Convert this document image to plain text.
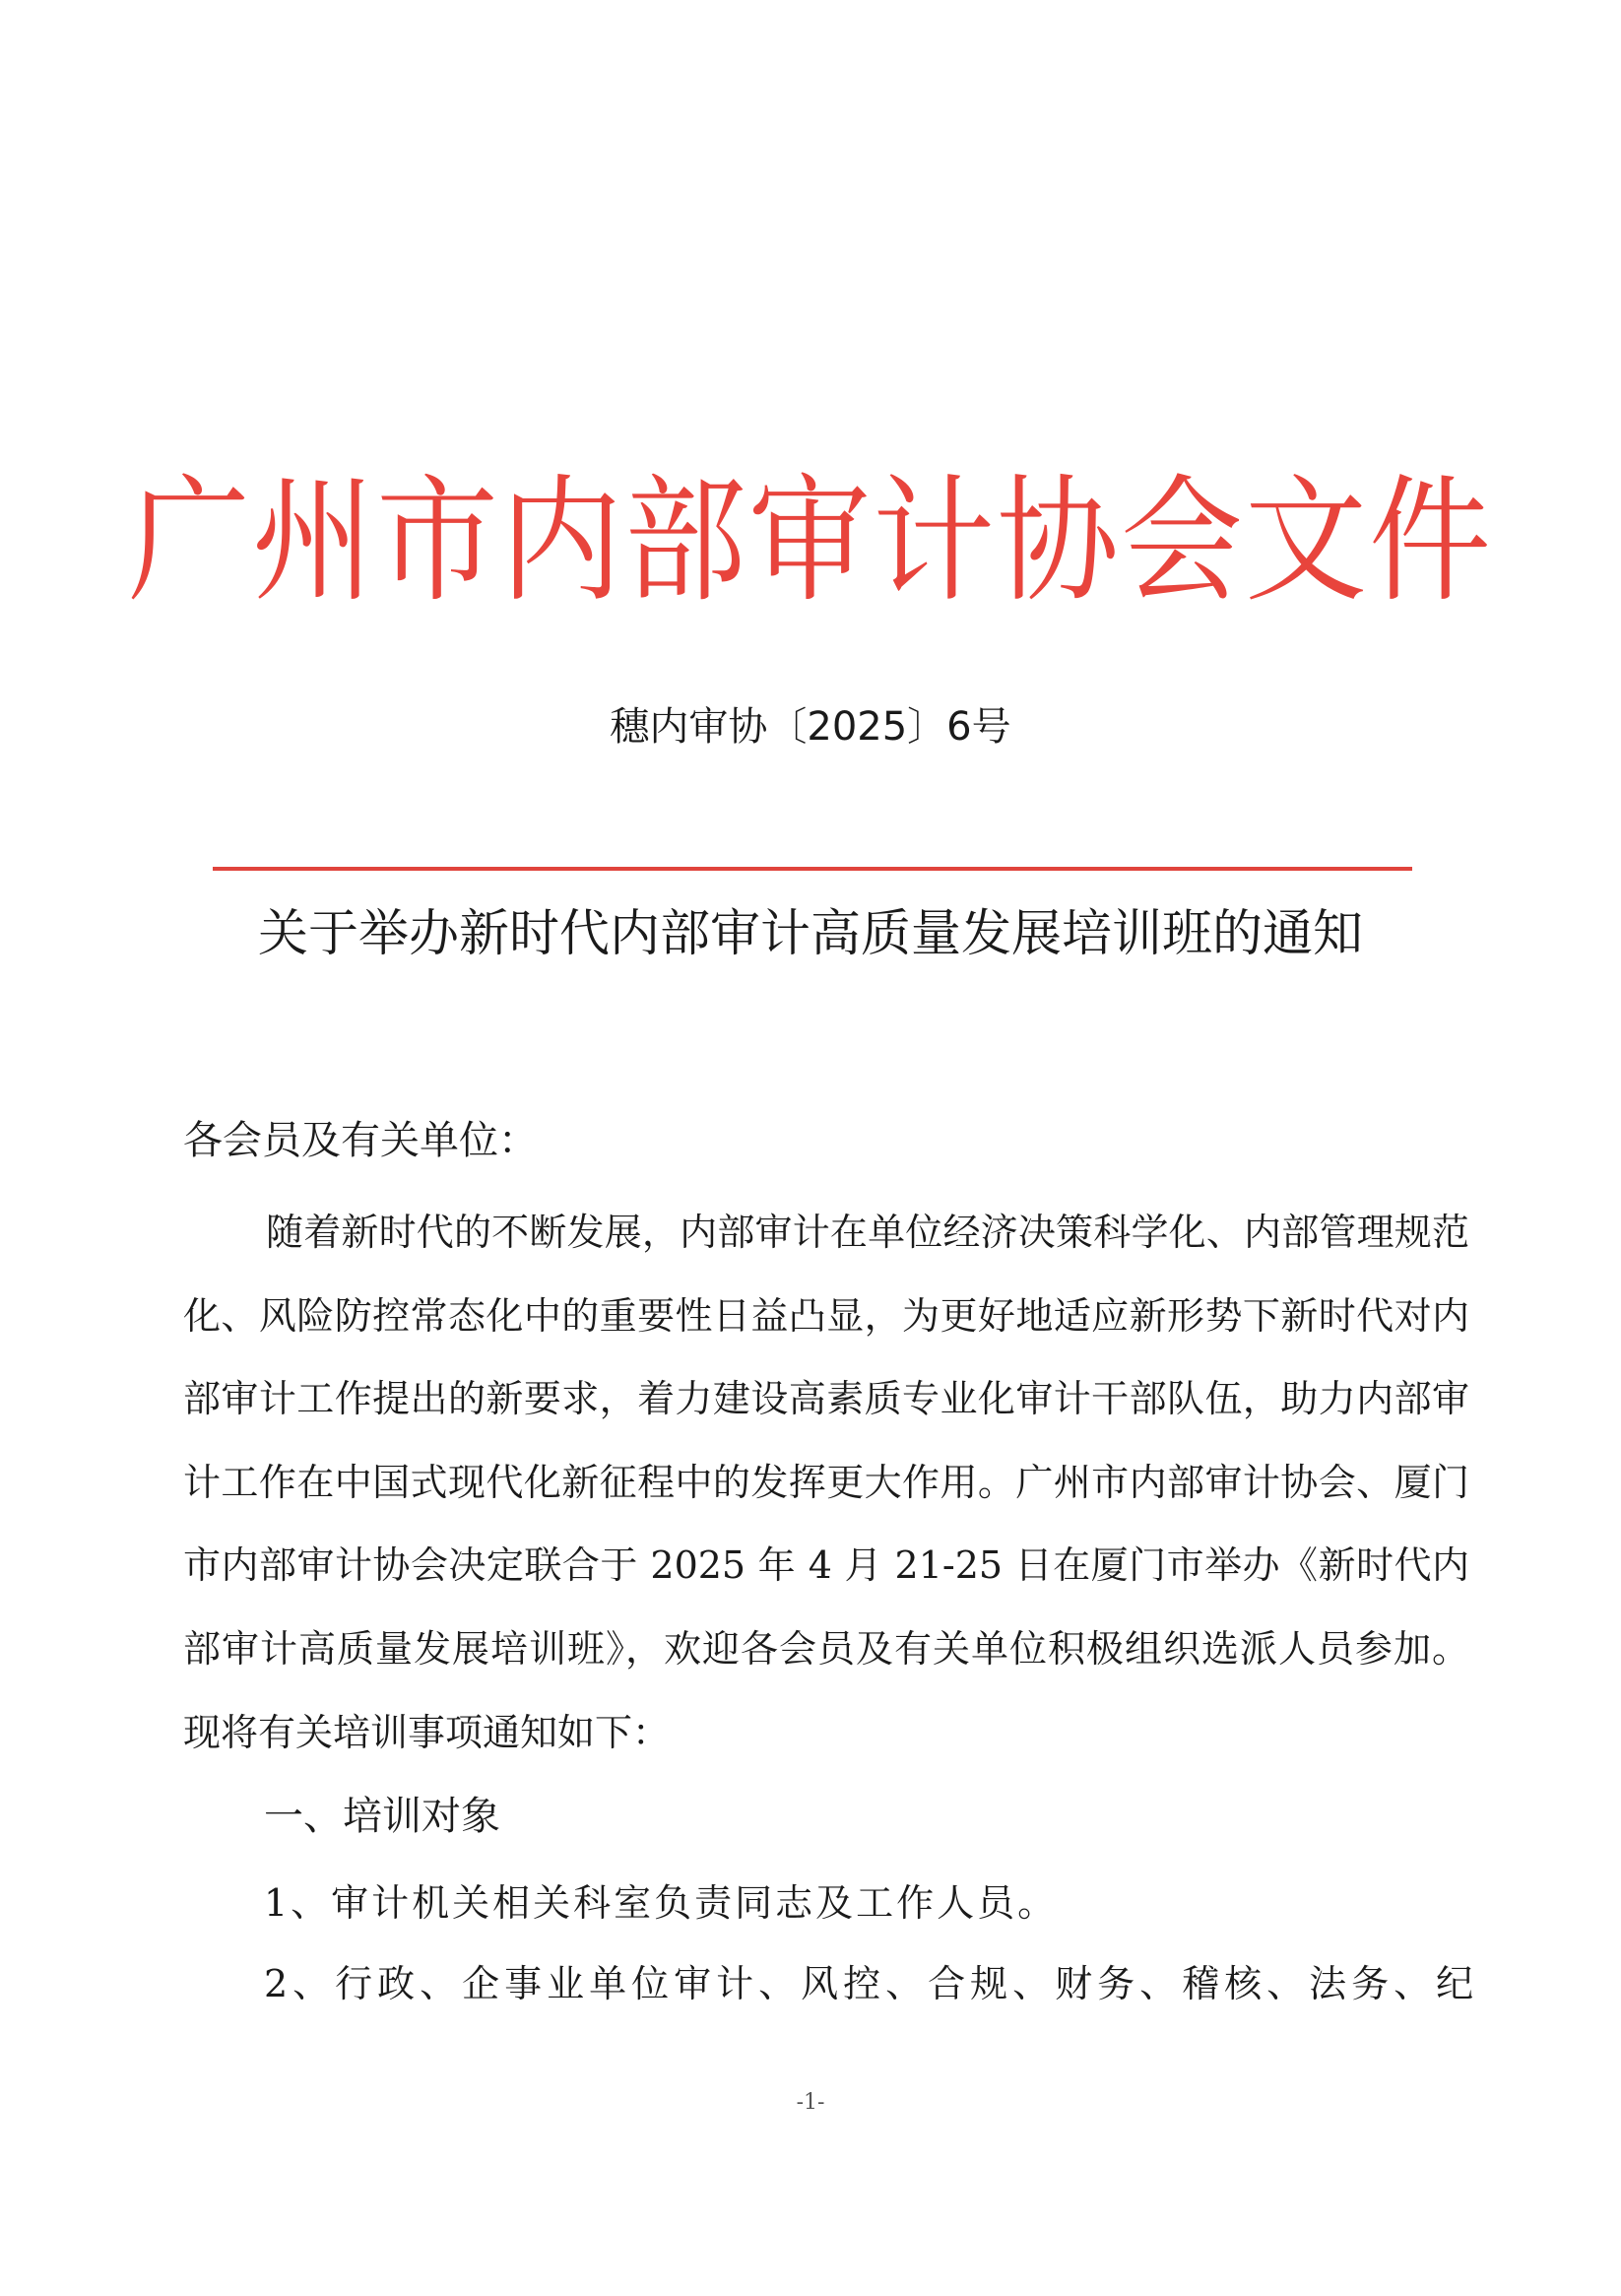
广州市内部审计协会文件
穗内审协〔2025〕6号
关于举办新时代内部审计高质量发展培训班的通知
各会员及有关单位：
随着新时代的不断发展，内部审计在单位经济决策科学化、内部管理规范化、风险防控常态化中的重要性日益凸显，为更好地适应新形势下新时代对内部审计工作提出的新要求，着力建设高素质专业化审计干部队伍，助力内部审计工作在中国式现代化新征程中的发挥更大作用。广州市内部审计协会、厦门市内部审计协会决定联合于 2025 年 4 月 21-25 日在厦门市举办《新时代内部审计高质量发展培训班》，欢迎各会员及有关单位积极组织选派人员参加。现将有关培训事项通知如下：
一、培训对象
1、审计机关相关科室负责同志及工作人员。
2、行政、企事业单位审计、风控、合规、财务、稽核、法务、纪
-1-
